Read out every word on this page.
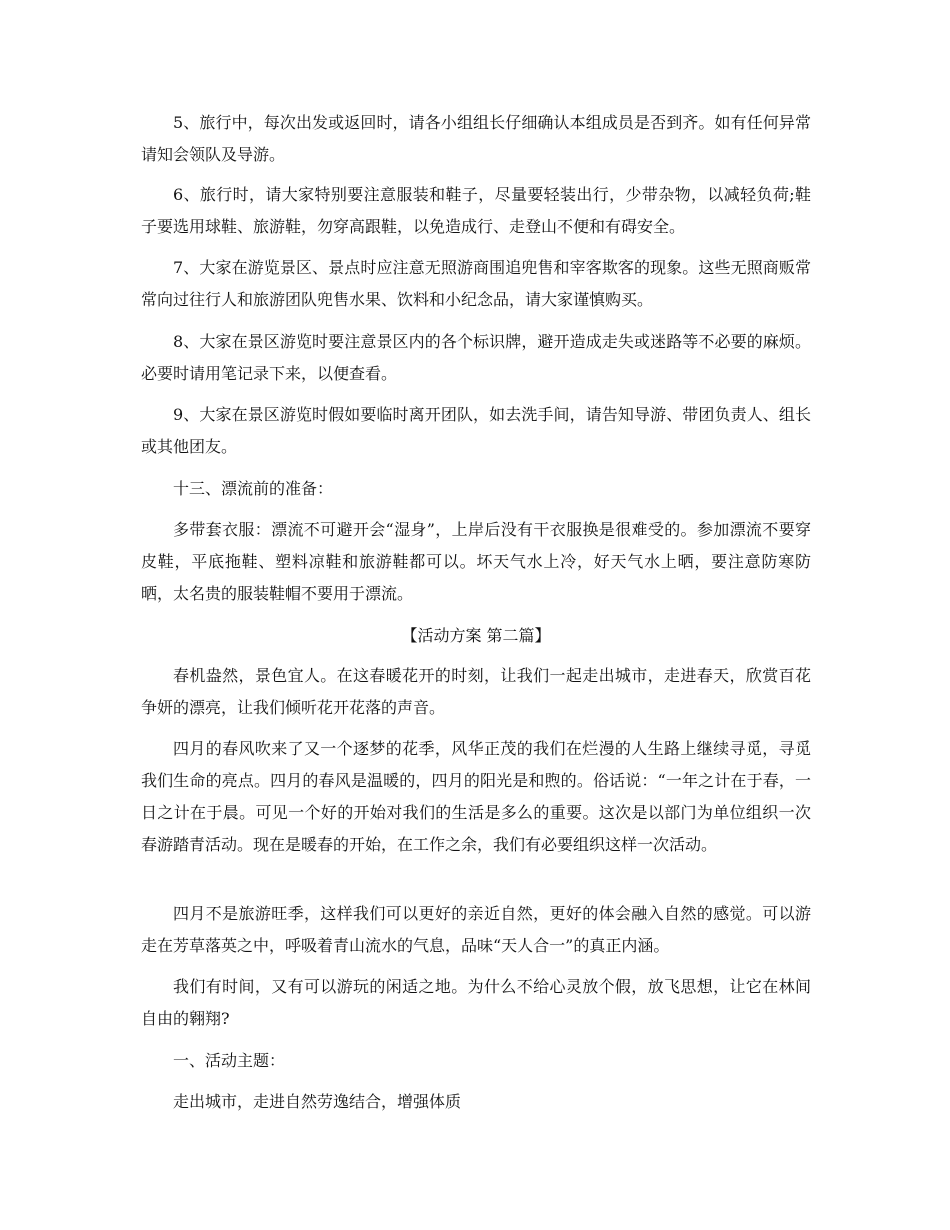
5、旅行中，每次出发或返回时，请各小组组长仔细确认本组成员是否到齐。如有任何异常请知会领队及导游。

6、旅行时，请大家特别要注意服装和鞋子，尽量要轻装出行，少带杂物，以减轻负荷;鞋子要选用球鞋、旅游鞋，勿穿高跟鞋，以免造成行、走登山不便和有碍安全。

7、大家在游览景区、景点时应注意无照游商围追兜售和宰客欺客的现象。这些无照商贩常常向过往行人和旅游团队兜售水果、饮料和小纪念品，请大家谨慎购买。

8、大家在景区游览时要注意景区内的各个标识牌，避开造成走失或迷路等不必要的麻烦。必要时请用笔记录下来，以便查看。

9、大家在景区游览时假如要临时离开团队，如去洗手间，请告知导游、带团负责人、组长或其他团友。

十三、漂流前的准备：

多带套衣服：漂流不可避开会“湿身”，上岸后没有干衣服换是很难受的。参加漂流不要穿皮鞋，平底拖鞋、塑料凉鞋和旅游鞋都可以。坏天气水上冷，好天气水上晒，要注意防寒防晒，太名贵的服装鞋帽不要用于漂流。

【活动方案 第二篇】

春机盎然，景色宜人。在这春暖花开的时刻，让我们一起走出城市，走进春天，欣赏百花争妍的漂亮，让我们倾听花开花落的声音。

四月的春风吹来了又一个逐梦的花季，风华正茂的我们在烂漫的人生路上继续寻觅，寻觅我们生命的亮点。四月的春风是温暖的，四月的阳光是和煦的。俗话说：“一年之计在于春，一日之计在于晨。可见一个好的开始对我们的生活是多么的重要。这次是以部门为单位组织一次春游踏青活动。现在是暖春的开始，在工作之余，我们有必要组织这样一次活动。

四月不是旅游旺季，这样我们可以更好的亲近自然，更好的体会融入自然的感觉。可以游走在芳草落英之中，呼吸着青山流水的气息，品味“天人合一”的真正内涵。

我们有时间，又有可以游玩的闲适之地。为什么不给心灵放个假，放飞思想，让它在林间自由的翱翔?

一、活动主题：

走出城市，走进自然劳逸结合，增强体质
